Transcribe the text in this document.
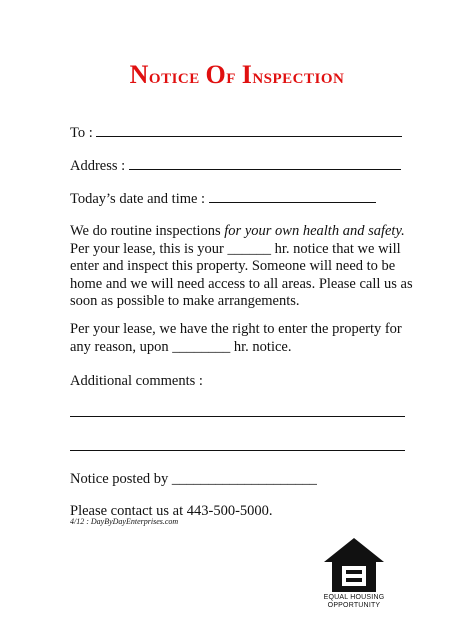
Notice Of Inspection
To :
Address :
Today’s date and time :

We do routine inspections for your own health and safety.

Per your lease, this is your ______ hr. notice that we will

enter and inspect this property. Someone will need to be

home and we will need access to all areas. Please call us as

soon as possible to make arrangements.

Per your lease, we have the right to enter the property for

any reason, upon ________ hr. notice.

Additional comments :
Notice posted by ____________________
Please contact us at 443-500-5000.
4/12 : DayByDayEnterprises.com
EQUAL HOUSING
OPPORTUNITY
